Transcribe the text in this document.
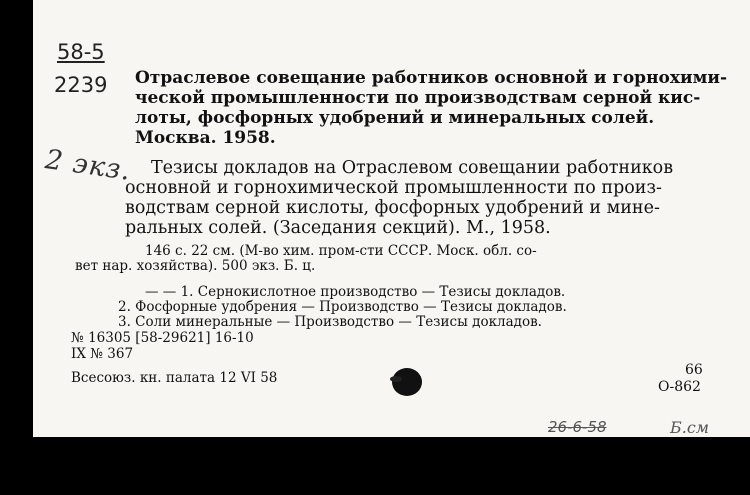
58-5
2239
2 экз.

Отраслевое совещание работников основной и горнохими-
ческой промышленности по производствам серной кис-
лоты, фосфорных удобрений и минеральных солей.
Москва. 1958.

Тезисы докладов на Отраслевом совещании работников
основной и горнохимической промышленности по произ-
водствам серной кислоты, фосфорных удобрений и мине-
ральных солей. (Заседания секций). М., 1958.

146 с. 22 см. (М-во хим. пром-сти СССР. Моск. обл. со-

вет нар. хозяйства). 500 экз. Б. ц.

— — 1. Сернокислотное производство — Тезисы докладов.

2. Фосфорные удобрения — Производство — Тезисы докладов.

3. Соли минеральные — Производство — Тезисы докладов.

№ 16305 [58-29621] 16-10

IX № 367

Всесоюз. кн. палата 12 VI 58	66

О-862

26-6-58	Б.см
